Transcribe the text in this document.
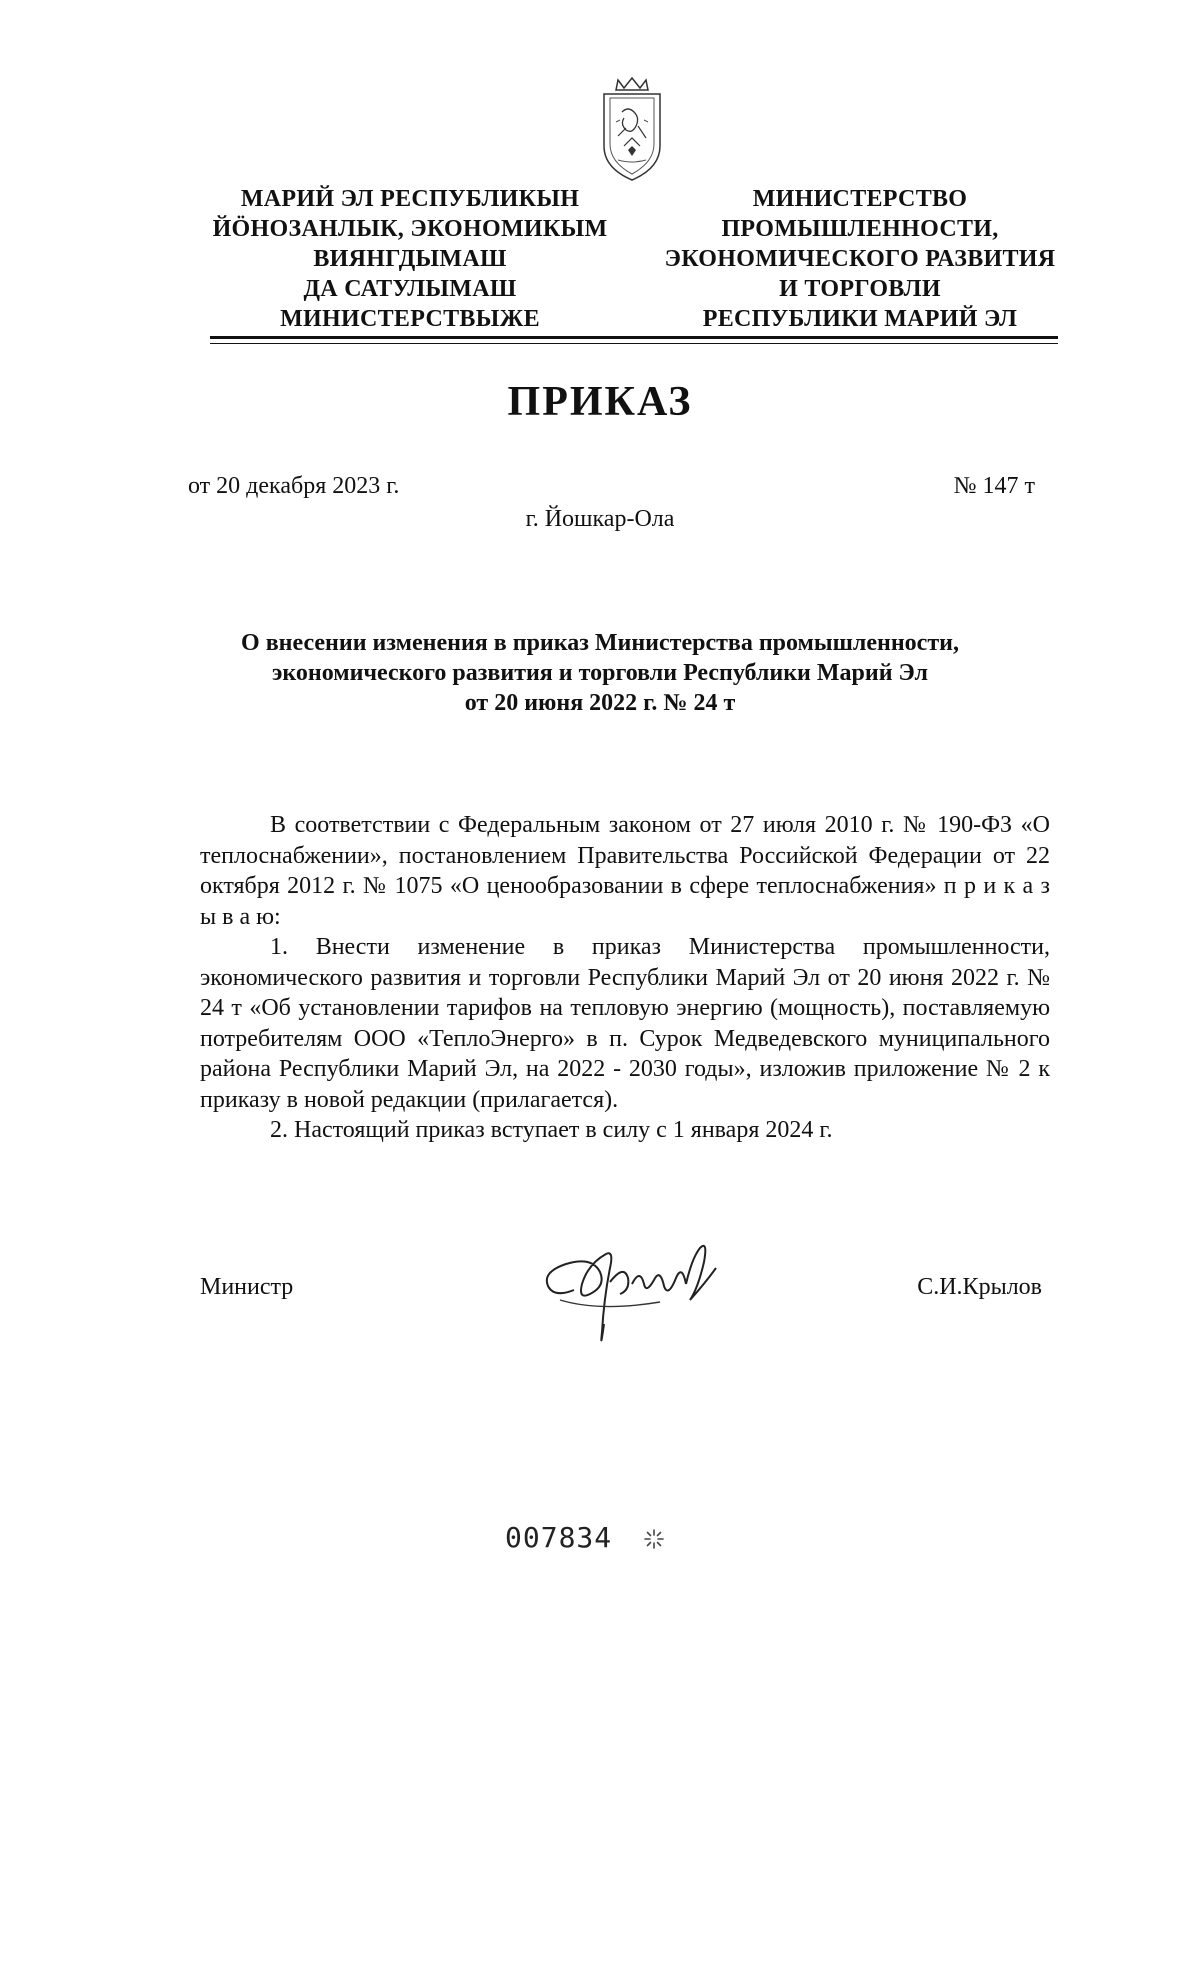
МАРИЙ ЭЛ РЕСПУБЛИКЫН
ЙÖНОЗАНЛЫК, ЭКОНОМИКЫМ
ВИЯНГДЫМАШ
ДА САТУЛЫМАШ
МИНИСТЕРСТВЫЖЕ
МИНИСТЕРСТВО
ПРОМЫШЛЕННОСТИ,
ЭКОНОМИЧЕСКОГО РАЗВИТИЯ
И ТОРГОВЛИ
РЕСПУБЛИКИ МАРИЙ ЭЛ
ПРИКАЗ
от 20 декабря 2023 г.	№ 147 т
г. Йошкар-Ола
О внесении изменения в приказ Министерства промышленности,
экономического развития и торговли Республики Марий Эл
от 20 июня 2022 г. № 24 т

В соответствии с Федеральным законом от 27 июля 2010 г. № 190-ФЗ «О теплоснабжении», постановлением Правительства Российской Федерации от 22 октября 2012 г. № 1075 «О ценообразовании в сфере теплоснабжения» п р и к а з ы в а ю:

1. Внести изменение в приказ Министерства промышленности, экономического развития и торговли Республики Марий Эл от 20 июня 2022 г. № 24 т «Об установлении тарифов на тепловую энергию (мощность), поставляемую потребителям ООО «ТеплоЭнерго» в п. Сурок Медведевского муниципального района Республики Марий Эл, на 2022 - 2030 годы», изложив приложение № 2 к приказу в новой редакции (прилагается).

2. Настоящий приказ вступает в силу с 1 января 2024 г.

Министр	С.И.Крылов
007834
